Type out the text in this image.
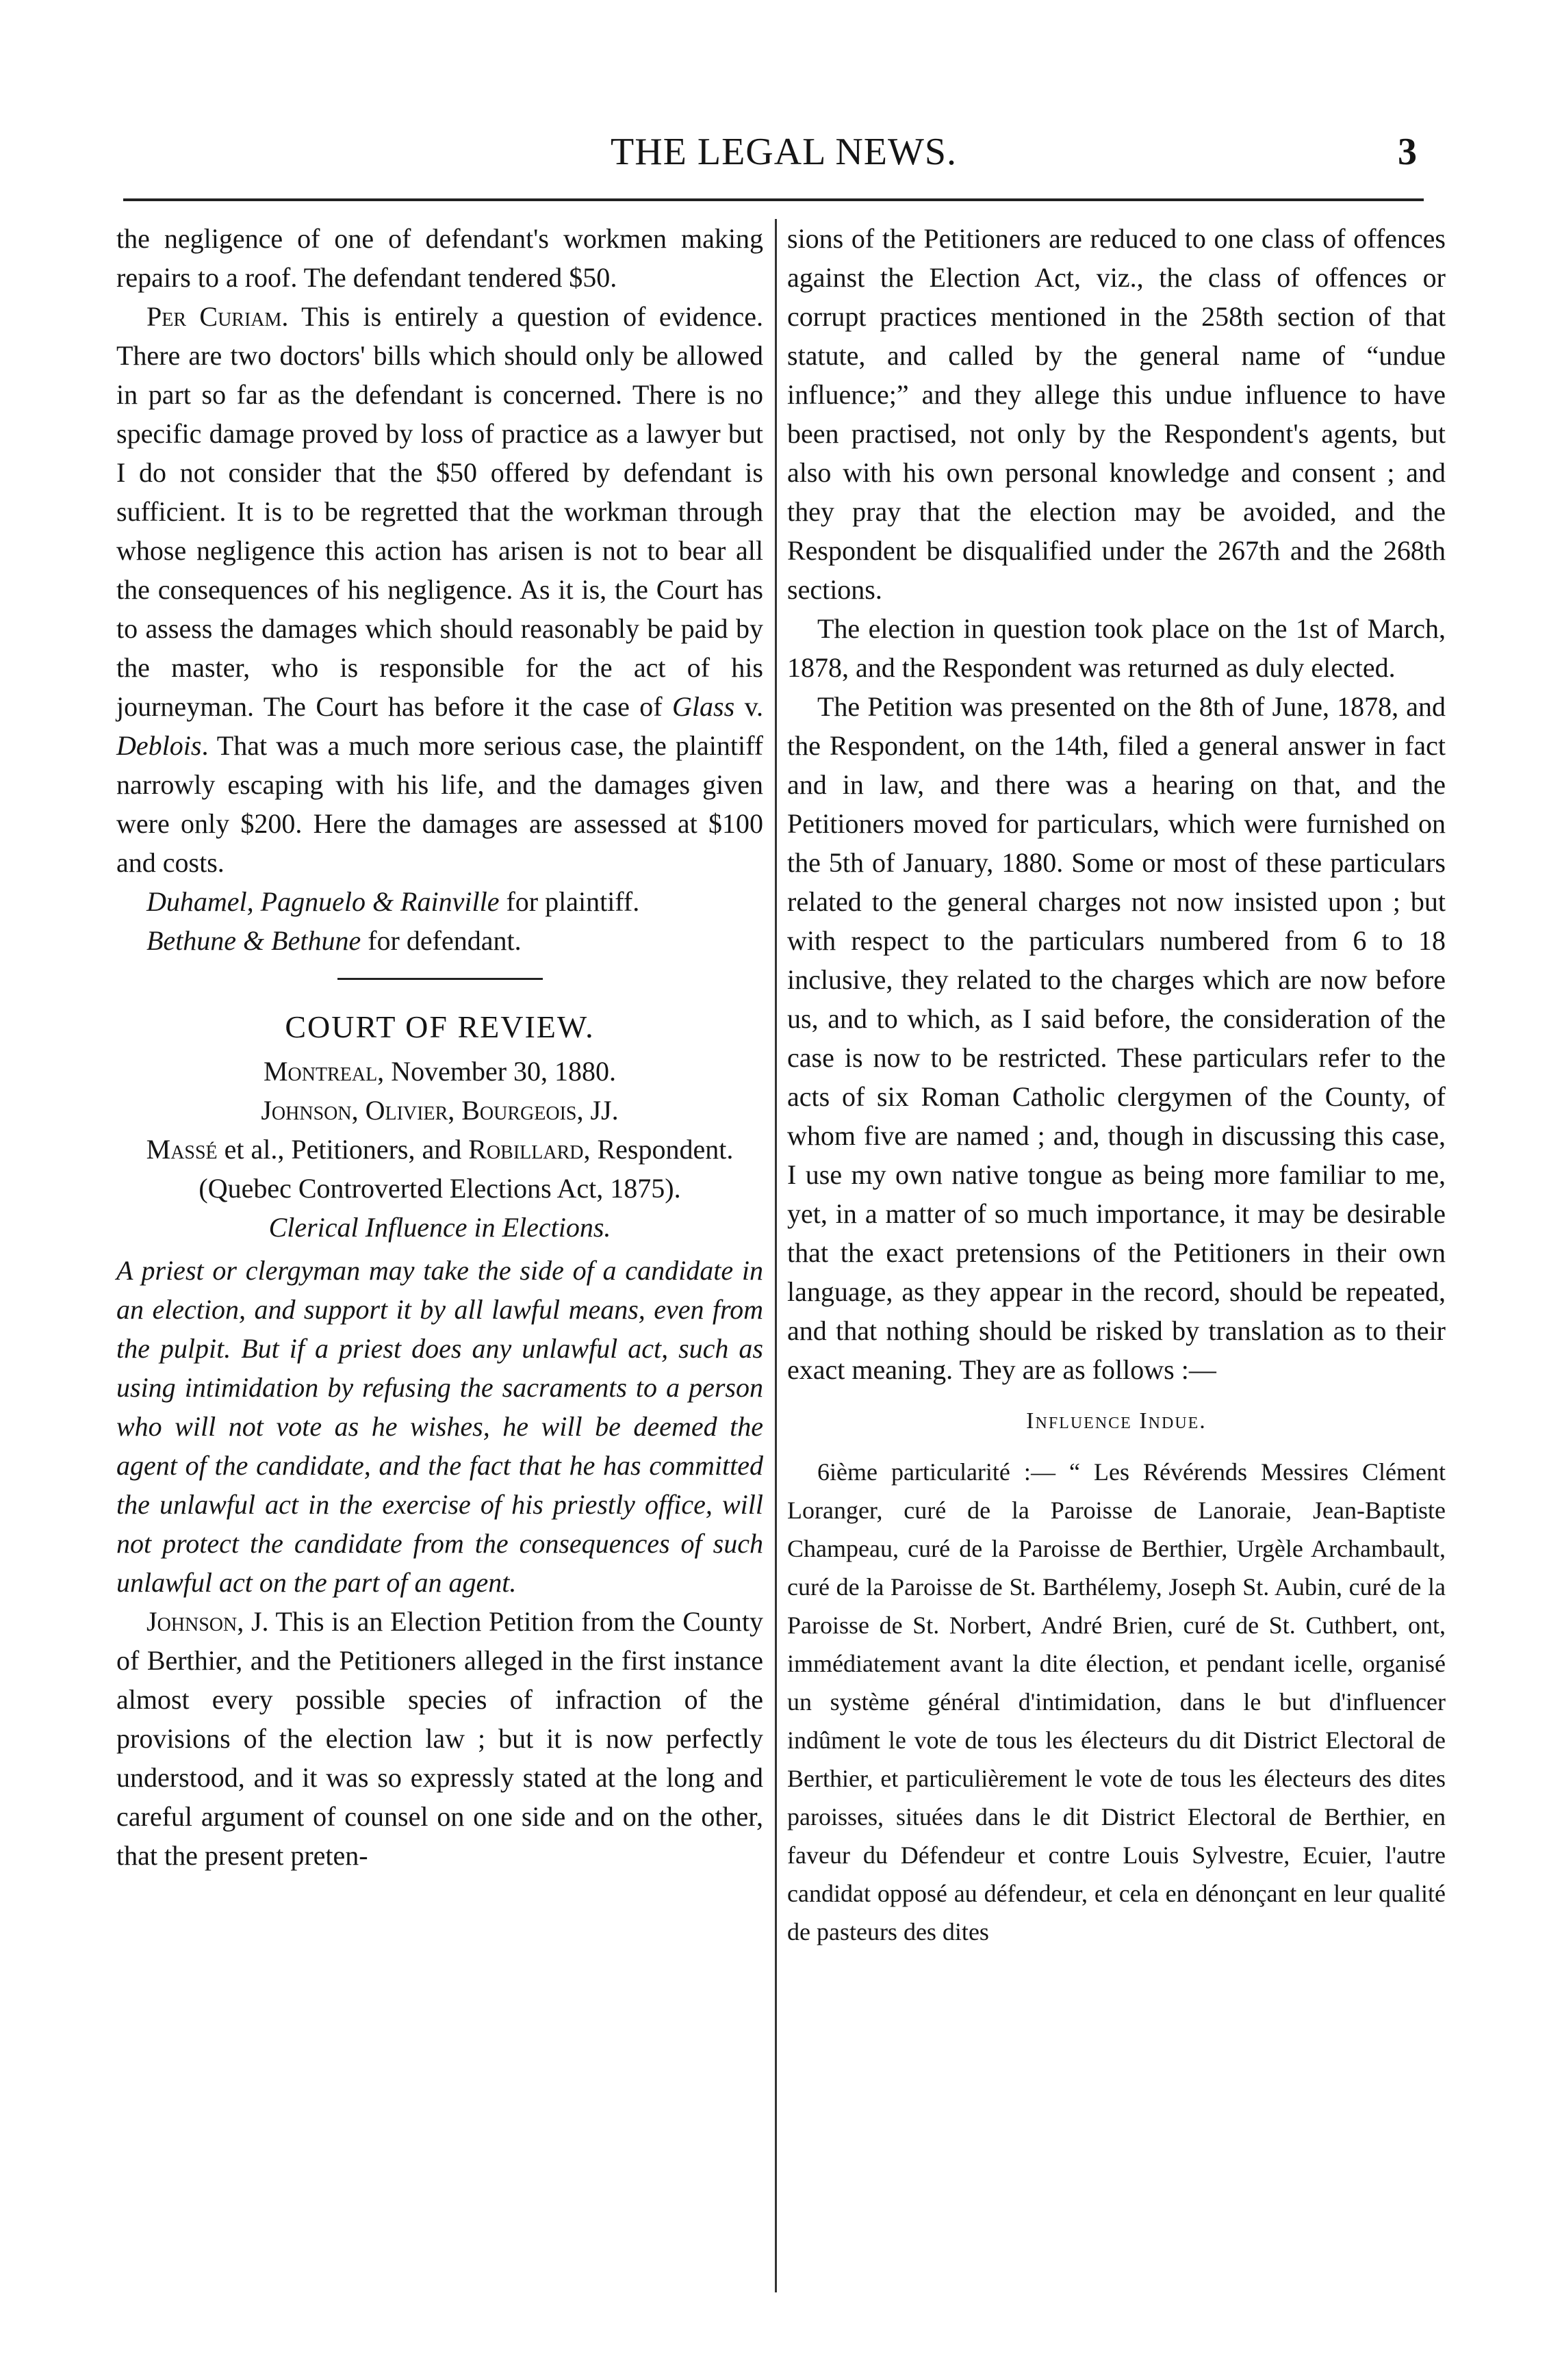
THE LEGAL NEWS.	3

the negligence of one of defendant's workmen making repairs to a roof. The defendant tendered $50.

Per Curiam. This is entirely a question of evidence. There are two doctors' bills which should only be allowed in part so far as the defendant is concerned. There is no specific damage proved by loss of practice as a lawyer but I do not consider that the $50 offered by defendant is sufficient. It is to be regretted that the workman through whose negligence this action has arisen is not to bear all the consequences of his negligence. As it is, the Court has to assess the damages which should reasonably be paid by the master, who is responsible for the act of his journeyman. The Court has before it the case of Glass v. Deblois. That was a much more serious case, the plaintiff narrowly escaping with his life, and the damages given were only $200. Here the damages are assessed at $100 and costs.

Duhamel, Pagnuelo & Rainville for plaintiff.

Bethune & Bethune for defendant.

COURT OF REVIEW.

Montreal, November 30, 1880.

Johnson, Olivier, Bourgeois, JJ.

Massé et al., Petitioners, and Robillard, Respondent.

(Quebec Controverted Elections Act, 1875).

Clerical Influence in Elections.

A priest or clergyman may take the side of a candidate in an election, and support it by all lawful means, even from the pulpit. But if a priest does any unlawful act, such as using intimidation by refusing the sacraments to a person who will not vote as he wishes, he will be deemed the agent of the candidate, and the fact that he has committed the unlawful act in the exercise of his priestly office, will not protect the candidate from the consequences of such unlawful act on the part of an agent.

Johnson, J. This is an Election Petition from the County of Berthier, and the Petitioners alleged in the first instance almost every possible species of infraction of the provisions of the election law ; but it is now perfectly understood, and it was so expressly stated at the long and careful argument of counsel on one side and on the other, that the present preten-

sions of the Petitioners are reduced to one class of offences against the Election Act, viz., the class of offences or corrupt practices mentioned in the 258th section of that statute, and called by the general name of “undue influence;” and they allege this undue influence to have been practised, not only by the Respondent's agents, but also with his own personal knowledge and consent ; and they pray that the election may be avoided, and the Respondent be disqualified under the 267th and the 268th sections.

The election in question took place on the 1st of March, 1878, and the Respondent was returned as duly elected.

The Petition was presented on the 8th of June, 1878, and the Respondent, on the 14th, filed a general answer in fact and in law, and there was a hearing on that, and the Petitioners moved for particulars, which were furnished on the 5th of January, 1880. Some or most of these particulars related to the general charges not now insisted upon ; but with respect to the particulars numbered from 6 to 18 inclusive, they related to the charges which are now before us, and to which, as I said before, the consideration of the case is now to be restricted. These particulars refer to the acts of six Roman Catholic clergymen of the County, of whom five are named ; and, though in discussing this case, I use my own native tongue as being more familiar to me, yet, in a matter of so much importance, it may be desirable that the exact pretensions of the Petitioners in their own language, as they appear in the record, should be repeated, and that nothing should be risked by translation as to their exact meaning. They are as follows :—

Influence Indue.

6ième particularité :— “ Les Révérends Messires Clément Loranger, curé de la Paroisse de Lanoraie, Jean-Baptiste Champeau, curé de la Paroisse de Berthier, Urgèle Archambault, curé de la Paroisse de St. Barthélemy, Joseph St. Aubin, curé de la Paroisse de St. Norbert, André Brien, curé de St. Cuthbert, ont, immédiatement avant la dite élection, et pendant icelle, organisé un système général d'intimidation, dans le but d'influencer indûment le vote de tous les électeurs du dit District Electoral de Berthier, et particulièrement le vote de tous les électeurs des dites paroisses, situées dans le dit District Electoral de Berthier, en faveur du Défendeur et contre Louis Sylvestre, Ecuier, l'autre candidat opposé au défendeur, et cela en dénonçant en leur qualité de pasteurs des dites
